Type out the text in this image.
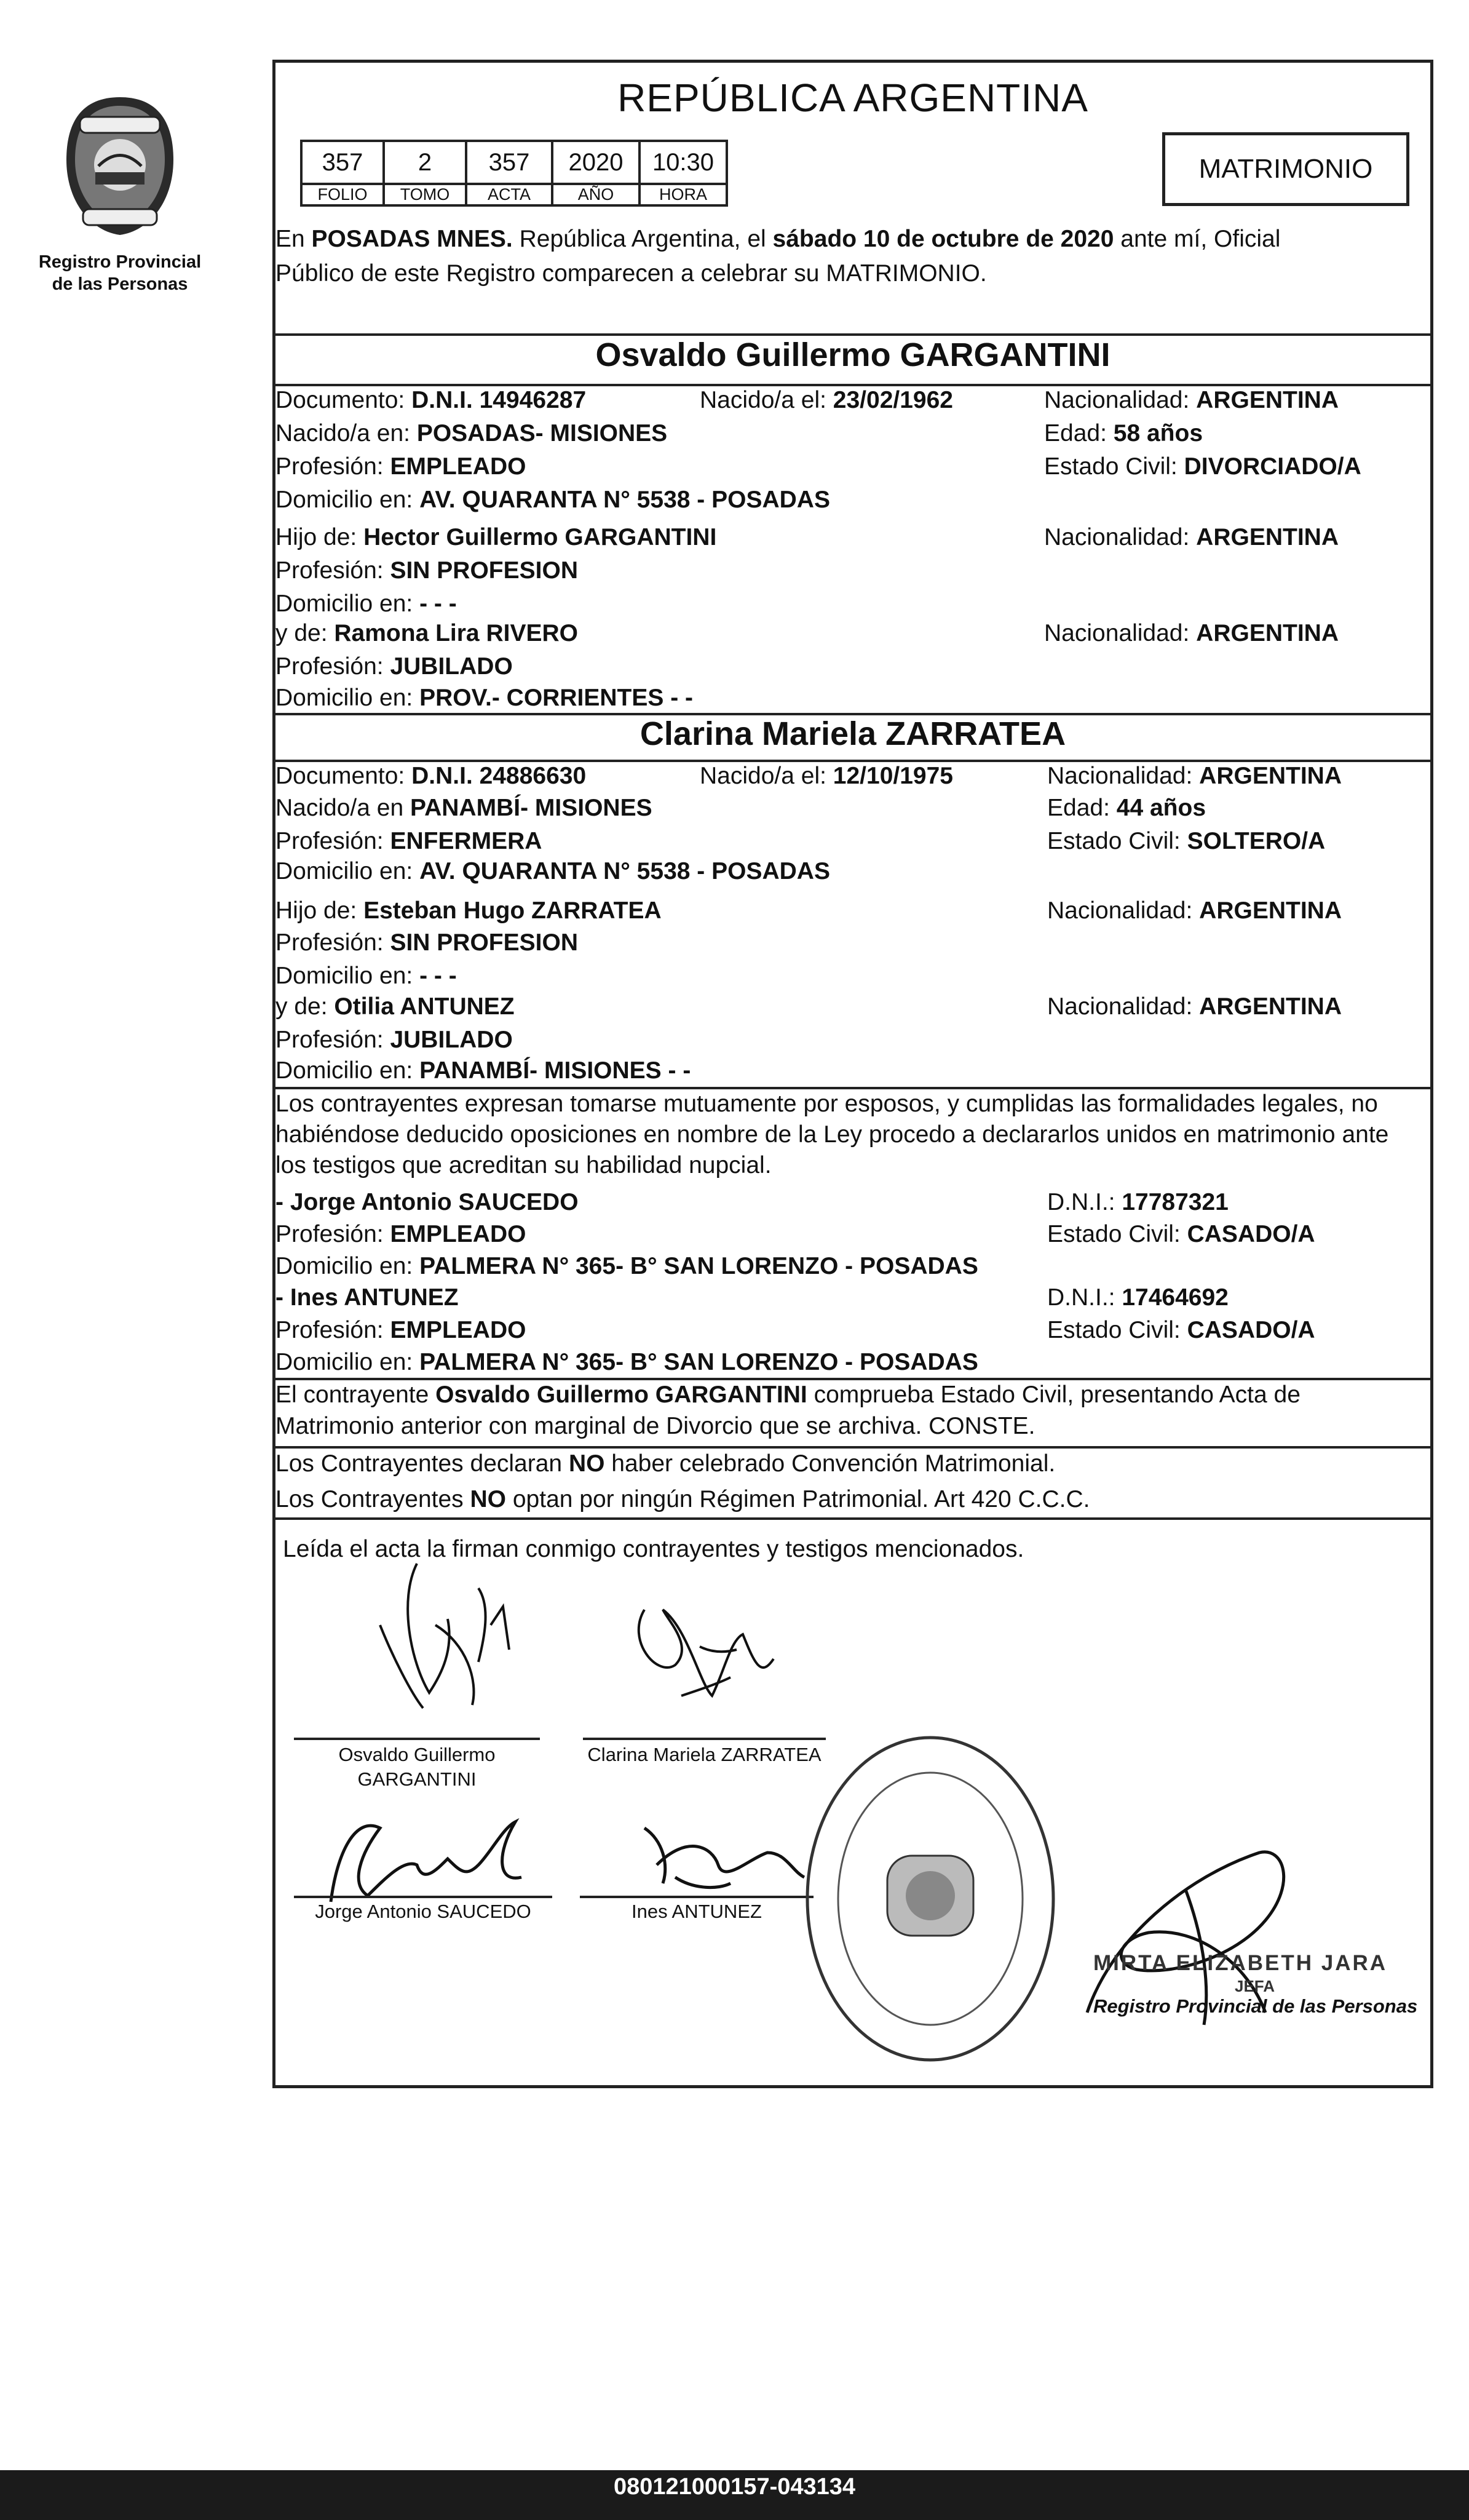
Registro Provincial
de las Personas
REPÚBLICA ARGENTINA
357	2	357	2020	10:30
FOLIO	TOMO	ACTA	AÑO	HORA
MATRIMONIO
En POSADAS MNES. República Argentina, el sábado 10 de octubre de 2020 ante mí, Oficial
Público de este Registro comparecen a celebrar su MATRIMONIO.
Osvaldo Guillermo GARGANTINI
Documento: D.N.I. 14946287	Nacido/a el: 23/02/1962	Nacionalidad: ARGENTINA
Nacido/a en: POSADAS- MISIONES	Edad: 58 años
Profesión: EMPLEADO	Estado Civil: DIVORCIADO/A
Domicilio en: AV. QUARANTA N° 5538 - POSADAS
Hijo de: Hector Guillermo GARGANTINI	Nacionalidad: ARGENTINA
Profesión: SIN PROFESION
Domicilio en: - - -
y de: Ramona Lira RIVERO	Nacionalidad: ARGENTINA
Profesión: JUBILADO
Domicilio en: PROV.- CORRIENTES - -
Clarina Mariela ZARRATEA
Documento: D.N.I. 24886630	Nacido/a el: 12/10/1975	Nacionalidad: ARGENTINA
Nacido/a en PANAMBÍ- MISIONES	Edad: 44 años
Profesión: ENFERMERA	Estado Civil: SOLTERO/A
Domicilio en: AV. QUARANTA N° 5538 - POSADAS
Hijo de: Esteban Hugo ZARRATEA	Nacionalidad: ARGENTINA
Profesión: SIN PROFESION
Domicilio en: - - -
y de: Otilia ANTUNEZ	Nacionalidad: ARGENTINA
Profesión: JUBILADO
Domicilio en: PANAMBÍ- MISIONES - -
Los contrayentes expresan tomarse mutuamente por esposos, y cumplidas las formalidades legales, no
habiéndose deducido oposiciones en nombre de la Ley procedo a declararlos unidos en matrimonio ante
los testigos que acreditan su habilidad nupcial.
- Jorge Antonio SAUCEDO	D.N.I.: 17787321
Profesión: EMPLEADO	Estado Civil: CASADO/A
Domicilio en: PALMERA N° 365- B° SAN LORENZO - POSADAS
- Ines ANTUNEZ	D.N.I.: 17464692
Profesión: EMPLEADO	Estado Civil: CASADO/A
Domicilio en: PALMERA N° 365- B° SAN LORENZO - POSADAS
El contrayente Osvaldo Guillermo GARGANTINI comprueba Estado Civil, presentando Acta de
Matrimonio anterior con marginal de Divorcio que se archiva. CONSTE.
Los Contrayentes declaran NO haber celebrado Convención Matrimonial.
Los Contrayentes NO optan por ningún Régimen Patrimonial. Art 420 C.C.C.
Leída el acta la firman conmigo contrayentes y testigos mencionados.
Osvaldo Guillermo
GARGANTINI
Clarina Mariela ZARRATEA
Jorge Antonio SAUCEDO	Ines ANTUNEZ
MIRTA ELIZABETH JARA
JEFA
Registro Provincial de las Personas
080121000157-043134
